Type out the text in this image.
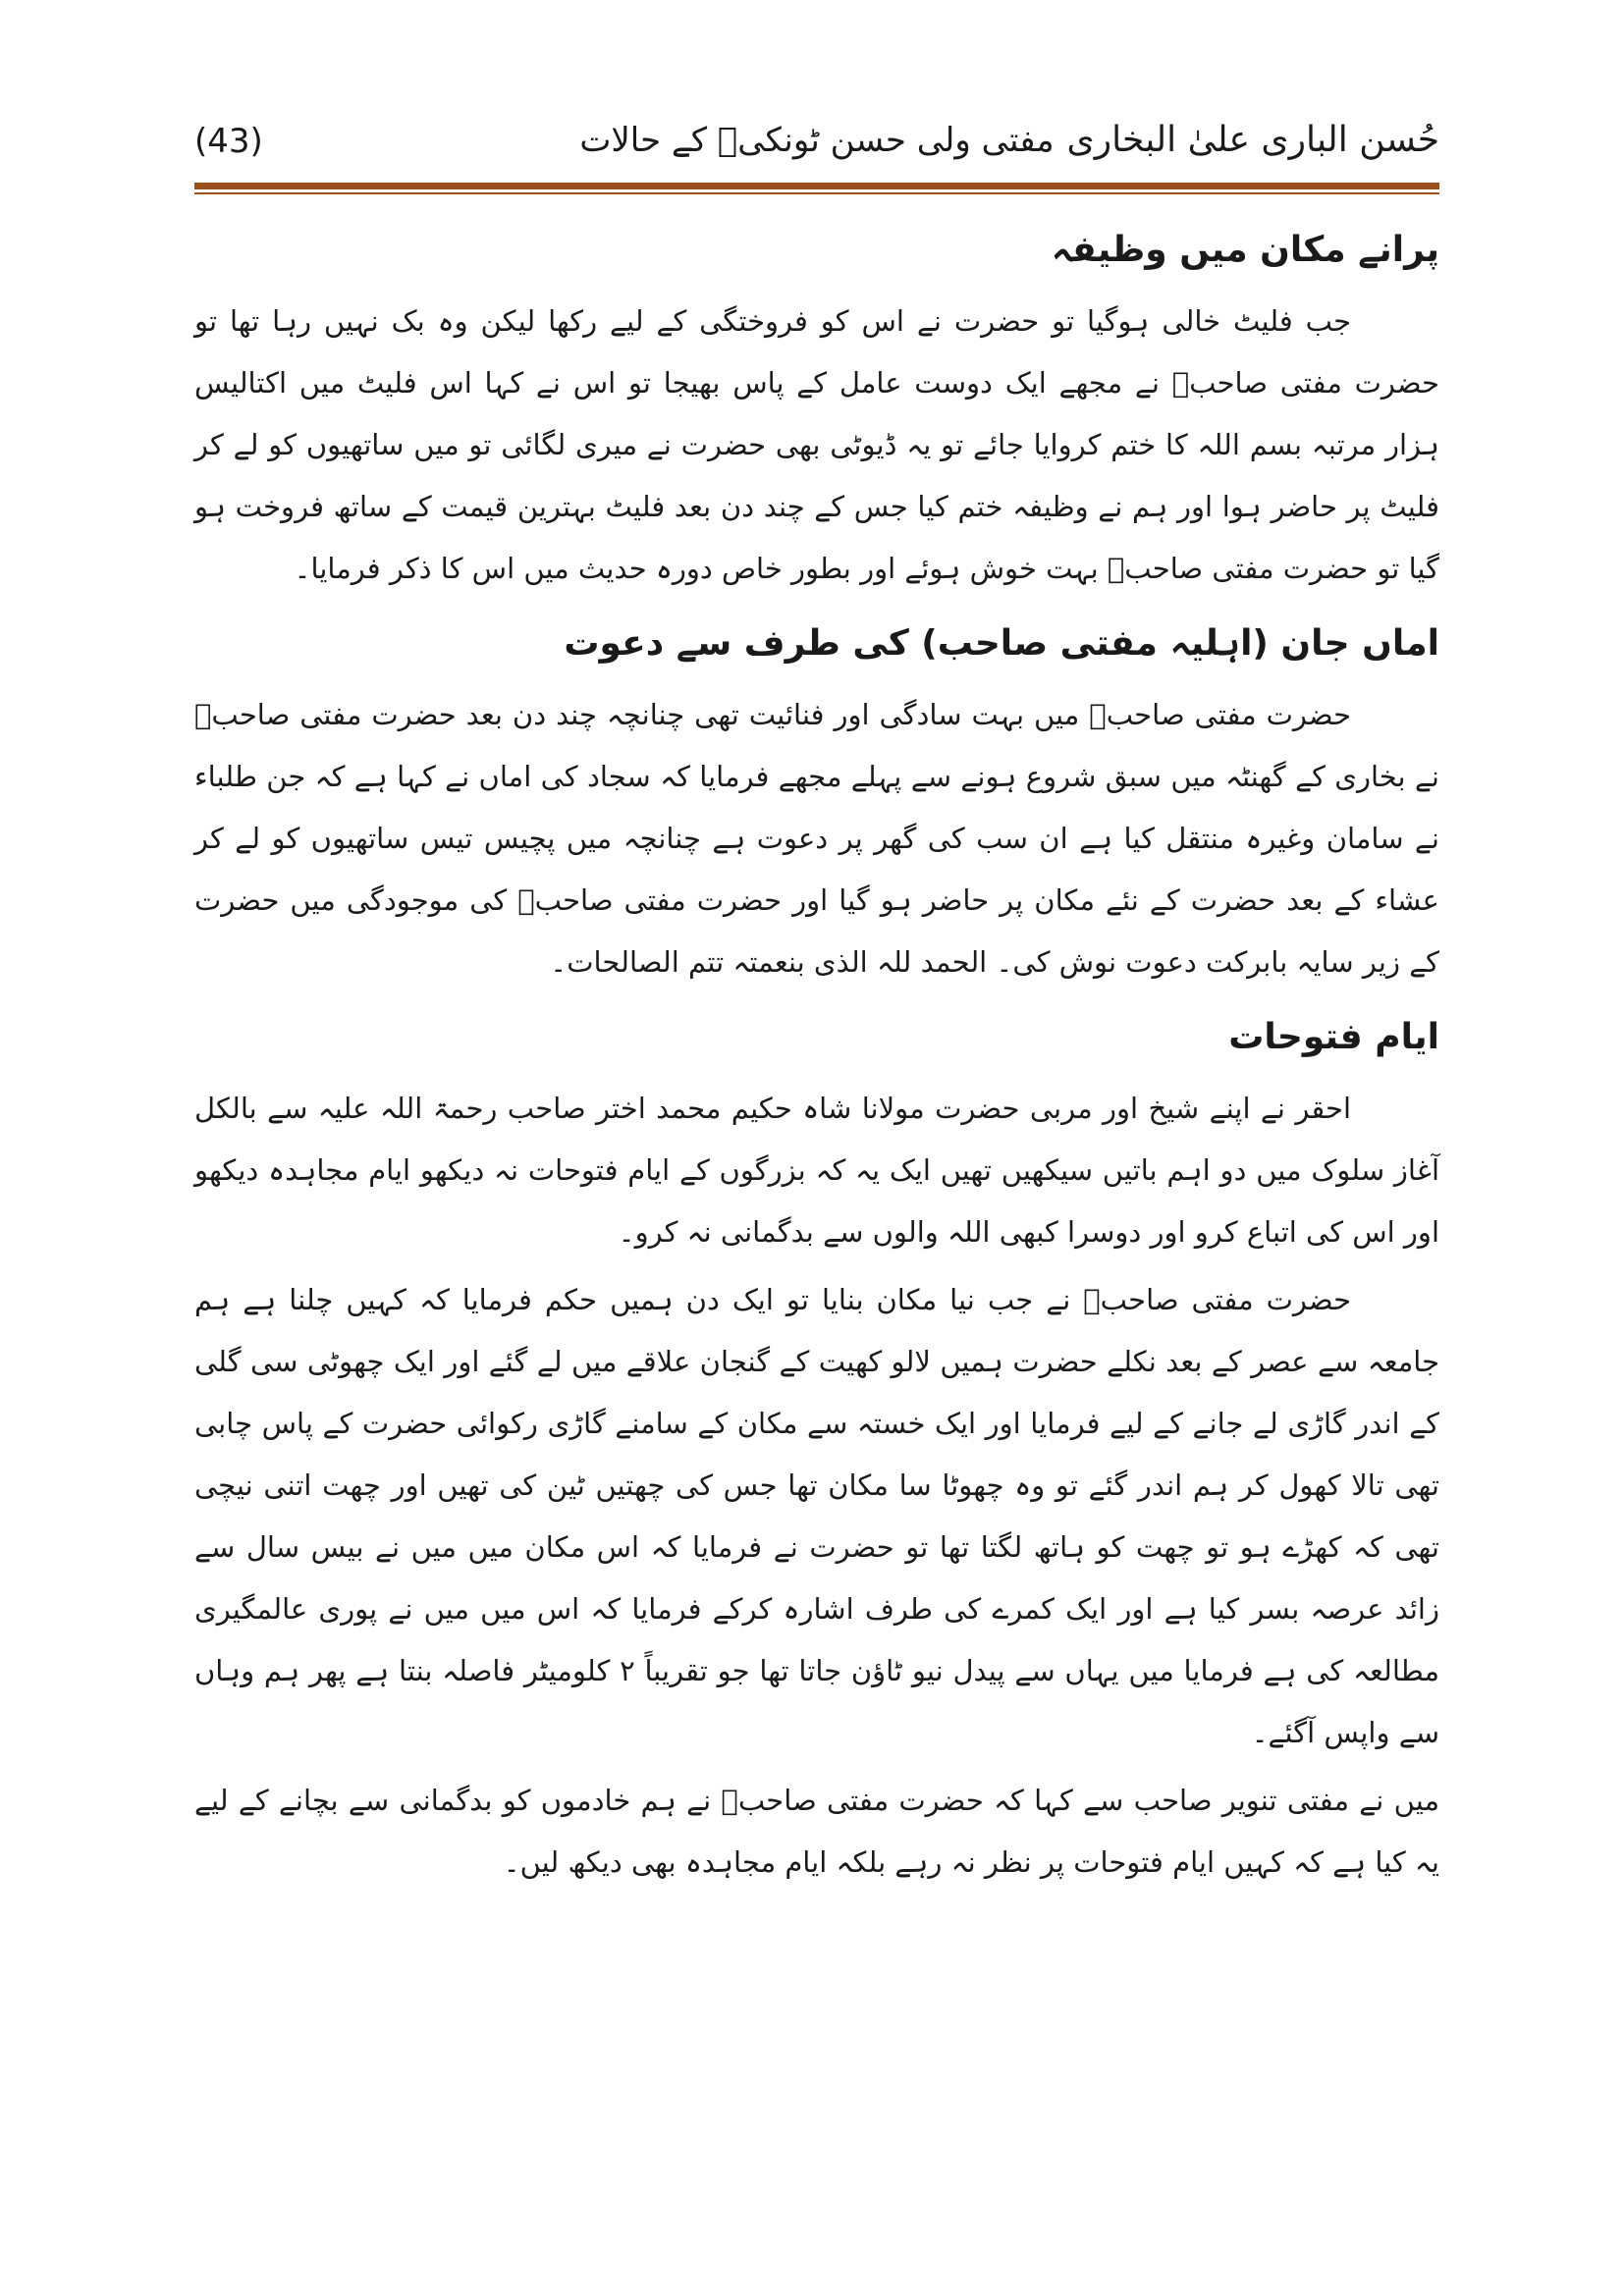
(43)	مفتی ولی حسن ٹونکیؒ کے حالات حُسن الباری علیٰ البخاری
پرانے مکان میں وظیفہ

جب فلیٹ خالی ہوگیا تو حضرت نے اس کو فروختگی کے لیے رکھا لیکن وہ بک نہیں رہا تھا تو حضرت مفتی صاحبؒ نے مجھے ایک دوست عامل کے پاس بھیجا تو اس نے کہا اس فلیٹ میں اکتالیس ہزار مرتبہ بسم اللہ کا ختم کروایا جائے تو یہ ڈیوٹی بھی حضرت نے میری لگائی تو میں ساتھیوں کو لے کر فلیٹ پر حاضر ہوا اور ہم نے وظیفہ ختم کیا جس کے چند دن بعد فلیٹ بہترین قیمت کے ساتھ فروخت ہو گیا تو حضرت مفتی صاحبؒ بہت خوش ہوئے اور بطور خاص دورہ حدیث میں اس کا ذکر فرمایا۔

اماں جان (اہلیہ مفتی صاحب) کی طرف سے دعوت

حضرت مفتی صاحبؒ میں بہت سادگی اور فنائیت تھی چنانچہ چند دن بعد حضرت مفتی صاحبؒ نے بخاری کے گھنٹہ میں سبق شروع ہونے سے پہلے مجھے فرمایا کہ سجاد کی اماں نے کہا ہے کہ جن طلباء نے سامان وغیرہ منتقل کیا ہے ان سب کی گھر پر دعوت ہے چنانچہ میں پچیس تیس ساتھیوں کو لے کر عشاء کے بعد حضرت کے نئے مکان پر حاضر ہو گیا اور حضرت مفتی صاحبؒ کی موجودگی میں حضرت کے زیر سایہ بابرکت دعوت نوش کی۔ الحمد للہ الذی بنعمتہ تتم الصالحات۔

ایام فتوحات

احقر نے اپنے شیخ اور مربی حضرت مولانا شاہ حکیم محمد اختر صاحب رحمۃ اللہ علیہ سے بالکل آغاز سلوک میں دو اہم باتیں سیکھیں تھیں ایک یہ کہ بزرگوں کے ایام فتوحات نہ دیکھو ایام مجاہدہ دیکھو اور اس کی اتباع کرو اور دوسرا کبھی اللہ والوں سے بدگمانی نہ کرو۔

حضرت مفتی صاحبؒ نے جب نیا مکان بنایا تو ایک دن ہمیں حکم فرمایا کہ کہیں چلنا ہے ہم جامعہ سے عصر کے بعد نکلے حضرت ہمیں لالو کھیت کے گنجان علاقے میں لے گئے اور ایک چھوٹی سی گلی کے اندر گاڑی لے جانے کے لیے فرمایا اور ایک خستہ سے مکان کے سامنے گاڑی رکوائی حضرت کے پاس چابی تھی تالا کھول کر ہم اندر گئے تو وہ چھوٹا سا مکان تھا جس کی چھتیں ٹین کی تھیں اور چھت اتنی نیچی تھی کہ کھڑے ہو تو چھت کو ہاتھ لگتا تھا تو حضرت نے فرمایا کہ اس مکان میں میں نے بیس سال سے زائد عرصہ بسر کیا ہے اور ایک کمرے کی طرف اشارہ کرکے فرمایا کہ اس میں میں نے پوری عالمگیری مطالعہ کی ہے فرمایا میں یہاں سے پیدل نیو ٹاؤن جاتا تھا جو تقریباً ۲ کلومیٹر فاصلہ بنتا ہے پھر ہم وہاں سے واپس آگئے۔

میں نے مفتی تنویر صاحب سے کہا کہ حضرت مفتی صاحبؒ نے ہم خادموں کو بدگمانی سے بچانے کے لیے یہ کیا ہے کہ کہیں ایام فتوحات پر نظر نہ رہے بلکہ ایام مجاہدہ بھی دیکھ لیں۔
